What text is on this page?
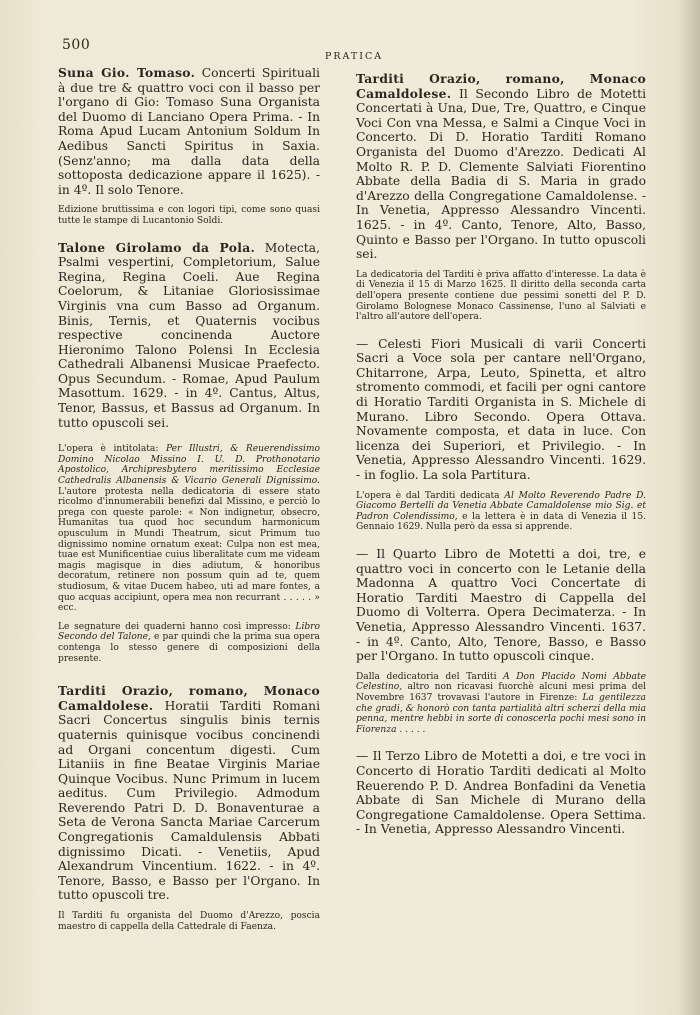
500
PRATICA

Suna Gio. Tomaso. Concerti Spirituali à due tre & quattro voci con il basso per l'organo di Gio: Tomaso Suna Organista del Duomo di Lanciano Opera Prima. - In Roma Apud Lucam Antonium Soldum In Aedibus Sancti Spiritus in Saxia. (Senz'anno; ma dalla data della sottoposta dedicazione appare il 1625). - in 4º. Il solo Tenore.

Edizione bruttissima e con logori tipi, come sono quasi tutte le stampe di Lucantonio Soldi.

Talone Girolamo da Pola. Motecta, Psalmi vespertini, Completorium, Salue Regina, Regina Coeli. Aue Regina Coelorum, & Litaniae Gloriosissimae Virginis vna cum Basso ad Organum. Binis, Ternis, et Quaternis vocibus respective concinenda Auctore Hieronimo Talono Polensi In Ecclesia Cathedrali Albanensi Musicae Praefecto. Opus Secundum. - Romae, Apud Paulum Masottum. 1629. - in 4º. Cantus, Altus, Tenor, Bassus, et Bassus ad Organum. In tutto opuscoli sei.

L'opera è intitolata: Per Illustri, & Reuerendissimo Domino Nicolao Missino I. U. D. Prothonotario Apostolico, Archipresbytero meritissimo Ecclesiae Cathedralis Albanensis & Vicario Generali Dignissimo. L'autore protesta nella dedicatoria di essere stato ricolmo d'innumerabili benefizi dal Missino, e perciò lo prega con queste parole: « Non indignetur, obsecro, Humanitas tua quod hoc secundum harmonicum opusculum in Mundi Theatrum, sicut Primum tuo dignissimo nomine ornatum exeat: Culpa non est mea, tuae est Munificentiae cuius liberalitate cum me videam magis magisque in dies adiutum, & honoribus decoratum, retinere non possum quin ad te, quem studiosum, & vitae Ducem habeo, uti ad mare fontes, a quo acquas accipiunt, opera mea non recurrant . . . . . » ecc.

Le segnature dei quaderni hanno così impresso: Libro Secondo del Talone, e par quindi che la prima sua opera contenga lo stesso genere di composizioni della presente.

Tarditi Orazio, romano, Monaco Camaldolese. Horatii Tarditi Romani Sacri Concertus singulis binis ternis quaternis quinisque vocibus concinendi ad Organi concentum digesti. Cum Litaniis in fine Beatae Virginis Mariae Quinque Vocibus. Nunc Primum in lucem aeditus. Cum Privilegio. Admodum Reverendo Patri D. D. Bonaventurae a Seta de Verona Sancta Mariae Carcerum Congregationis Camaldulensis Abbati dignissimo Dicati. - Venetiis, Apud Alexandrum Vincentium. 1622. - in 4º. Tenore, Basso, e Basso per l'Organo. In tutto opuscoli tre.

Il Tarditi fu organista del Duomo d'Arezzo, poscia maestro di cappella della Cattedrale di Faenza.

Tarditi Orazio, romano, Monaco Camaldolese. Il Secondo Libro de Motetti Concertati à Una, Due, Tre, Quattro, e Cinque Voci Con vna Messa, e Salmi a Cinque Voci in Concerto. Di D. Horatio Tarditi Romano Organista del Duomo d'Arezzo. Dedicati Al Molto R. P. D. Clemente Salviati Fiorentino Abbate della Badia di S. Maria in grado d'Arezzo della Congregatione Camaldolense. - In Venetia, Appresso Alessandro Vincenti. 1625. - in 4º. Canto, Tenore, Alto, Basso, Quinto e Basso per l'Organo. In tutto opuscoli sei.

La dedicatoria del Tarditi è priva affatto d'interesse. La data è di Venezia il 15 di Marzo 1625. Il diritto della seconda carta dell'opera presente contiene due pessimi sonetti del P. D. Girolamo Bolognese Monaco Cassinense, l'uno al Salviati e l'altro all'autore dell'opera.

— Celesti Fiori Musicali di varii Concerti Sacri a Voce sola per cantare nell'Organo, Chitarrone, Arpa, Leuto, Spinetta, et altro stromento commodi, et facili per ogni cantore di Horatio Tarditi Organista in S. Michele di Murano. Libro Secondo. Opera Ottava. Novamente composta, et data in luce. Con licenza dei Superiori, et Privilegio. - In Venetia, Appresso Alessandro Vincenti. 1629. - in foglio. La sola Partitura.

L'opera è dal Tarditi dedicata Al Molto Reverendo Padre D. Giacomo Bertelli da Venetia Abbate Camaldolense mio Sig. et Padron Colendissimo, e la lettera è in data di Venezia il 15. Gennaio 1629. Nulla però da essa si apprende.

— Il Quarto Libro de Motetti a doi, tre, e quattro voci in concerto con le Letanie della Madonna A quattro Voci Concertate di Horatio Tarditi Maestro di Cappella del Duomo di Volterra. Opera Decimaterza. - In Venetia, Appresso Alessandro Vincenti. 1637. - in 4º. Canto, Alto, Tenore, Basso, e Basso per l'Organo. In tutto opuscoli cinque.

Dalla dedicatoria del Tarditi A Don Placido Nomi Abbate Celestino, altro non ricavasi fuorchè alcuni mesi prima del Novembre 1637 trovavasi l'autore in Firenze: La gentilezza che gradi, & honorò con tanta partialità altri scherzi della mia penna, mentre hebbi in sorte di conoscerla pochi mesi sono in Fiorenza . . . . .

— Il Terzo Libro de Motetti a doi, e tre voci in Concerto di Horatio Tarditi dedicati al Molto Reuerendo P. D. Andrea Bonfadini da Venetia Abbate di San Michele di Murano della Congregatione Camaldolense. Opera Settima. - In Venetia, Appresso Alessandro Vincenti.
